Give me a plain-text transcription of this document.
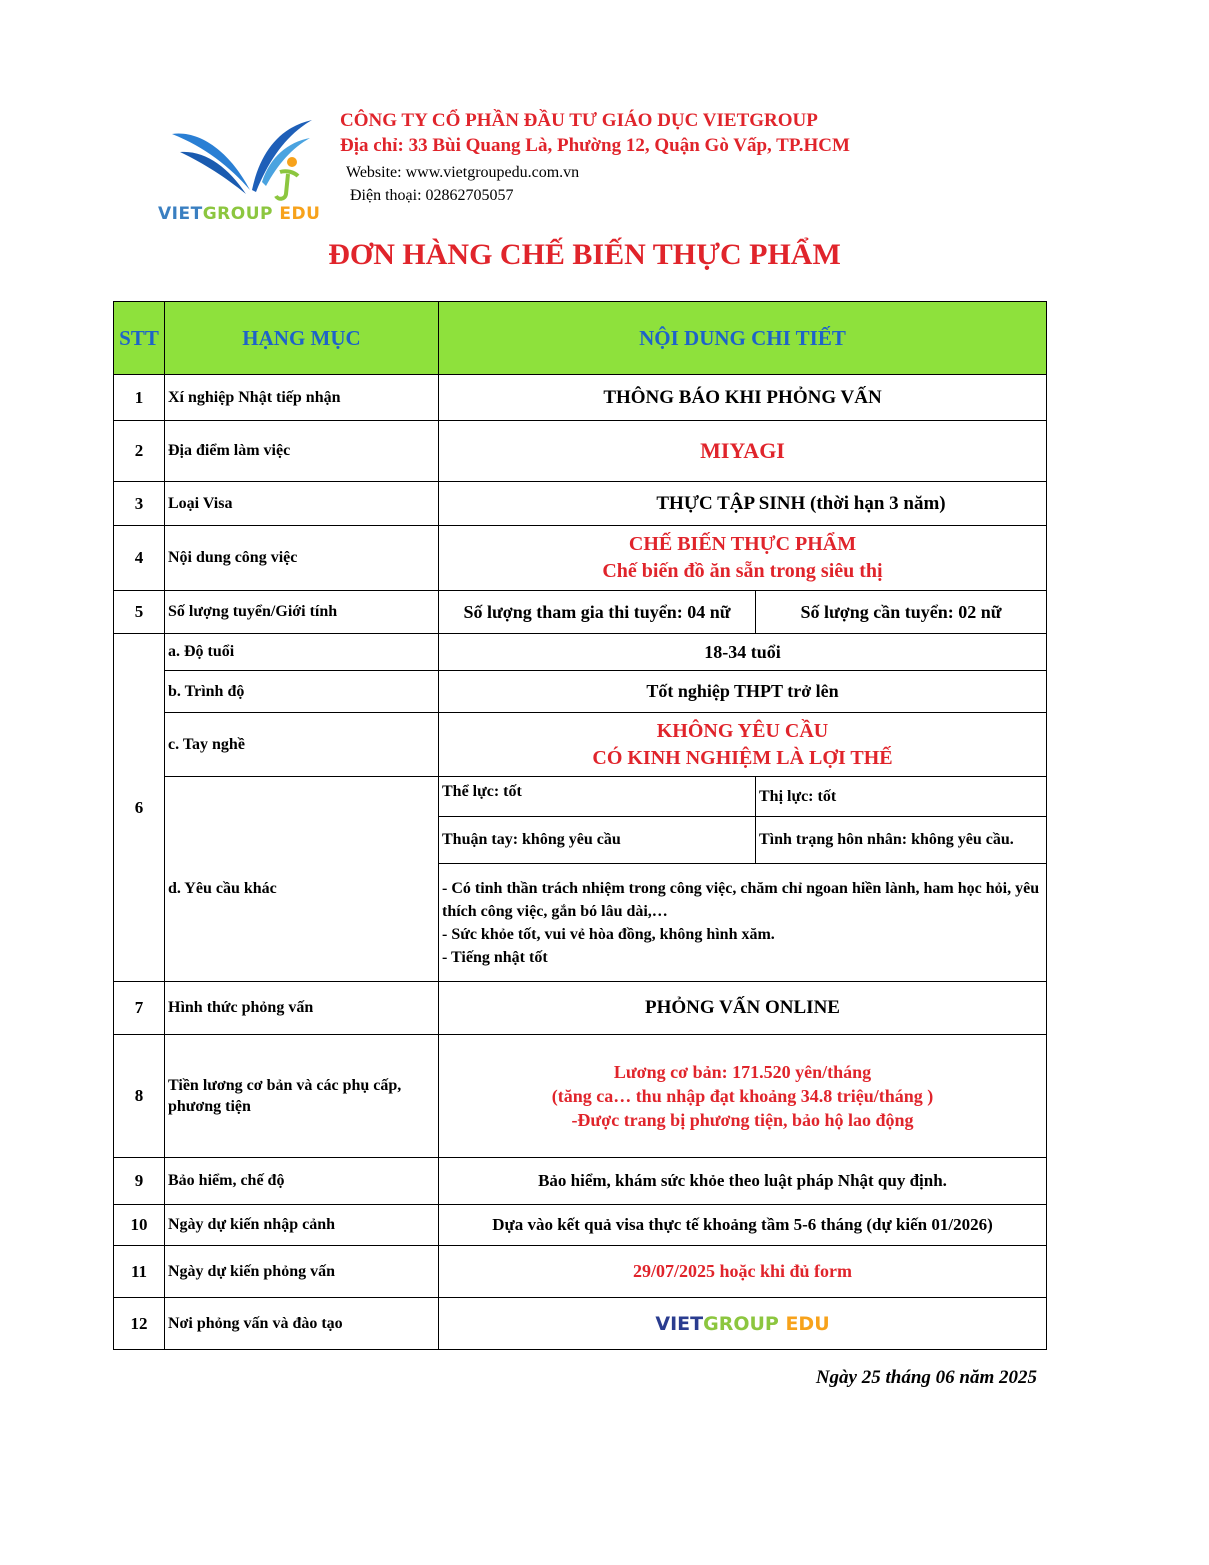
VIETGROUP EDU
CÔNG TY CỔ PHẦN ĐẦU TƯ GIÁO DỤC VIETGROUP
Địa chỉ: 33 Bùi Quang Là, Phường 12, Quận Gò Vấp, TP.HCM
Website: www.vietgroupedu.com.vn
Điện thoại: 02862705057
ĐƠN HÀNG CHẾ BIẾN THỰC PHẨM
STT	HẠNG MỤC	NỘI DUNG CHI TIẾT	
1	Xí nghiệp Nhật tiếp nhận	THÔNG BÁO KHI PHỎNG VẤN	
2	Địa điểm làm việc	MIYAGI	
3	Loại Visa	THỰC TẬP SINH (thời hạn 3 năm)	
4	Nội dung công việc	CHẾ BIẾN THỰC PHẨM
Chế biến đồ ăn sẵn trong siêu thị	

5	Số lượng tuyển/Giới tính	Số lượng tham gia thi tuyển: 04 nữ	Số lượng cần tuyển: 02 nữ
6	a. Độ tuổi	18-34 tuổi	
	b. Trình độ	Tốt nghiệp THPT trở lên	
	c. Tay nghề	KHÔNG YÊU CẦU
CÓ KINH NGHIỆM LÀ LỢI THẾ	

	d. Yêu cầu khác	Thể lực: tốt	Thị lực: tốt
		Thuận tay: không yêu cầu	Tình trạng hôn nhân: không yêu cầu.

		- Có tinh thần trách nhiệm trong công việc, chăm chỉ ngoan hiền lành, ham học hỏi, yêu thích công việc, gắn bó lâu dài,…
- Sức khỏe tốt, vui vẻ hòa đồng, không hình xăm.
- Tiếng nhật tốt	

7	Hình thức phỏng vấn	PHỎNG VẤN ONLINE	
8	Tiền lương cơ bản và các phụ cấp, phương tiện	Lương cơ bản: 171.520 yên/tháng
(tăng ca… thu nhập đạt khoảng 34.8 triệu/tháng )
-Được trang bị phương tiện, bảo hộ lao động	

9	Bảo hiểm, chế độ	Bảo hiểm, khám sức khỏe theo luật pháp Nhật quy định.	
10	Ngày dự kiến nhập cảnh	Dựa vào kết quả visa thực tế khoảng tầm 5-6 tháng (dự kiến 01/2026)	
11	Ngày dự kiến phỏng vấn	29/07/2025 hoặc khi đủ form	
12	Nơi phỏng vấn và đào tạo	VIETGROUP EDU	
Ngày 25 tháng 06 năm 2025
